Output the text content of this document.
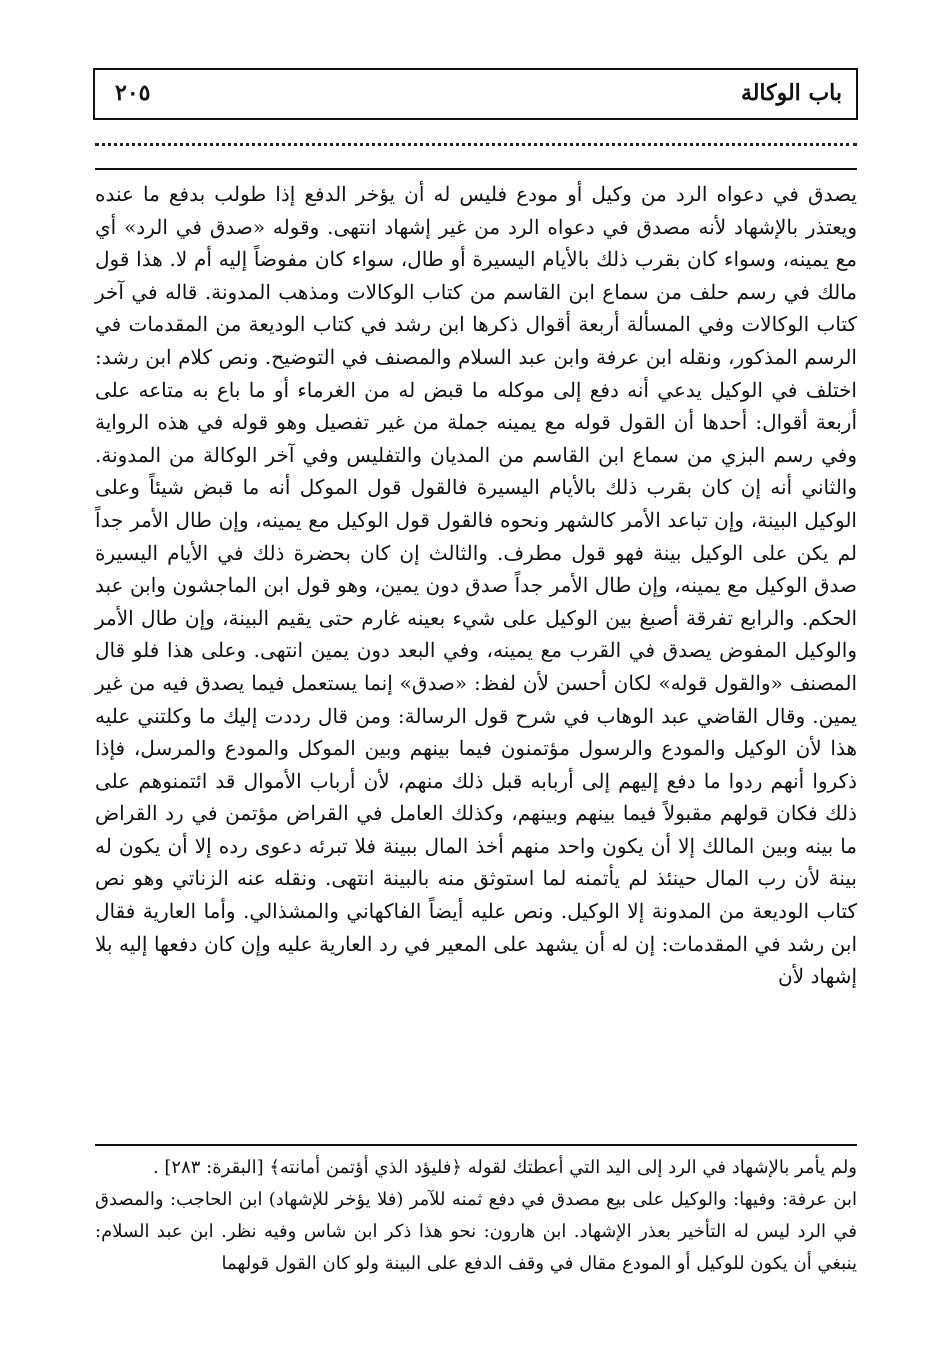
باب الوكالة
٢٠٥

يصدق في دعواه الرد من وكيل أو مودع فليس له أن يؤخر الدفع إذا طولب بدفع ما عنده ويعتذر بالإشهاد لأنه مصدق في دعواه الرد من غير إشهاد انتهى. وقوله «صدق في الرد» أي مع يمينه، وسواء كان بقرب ذلك بالأيام اليسيرة أو طال، سواء كان مفوضاً إليه أم لا. هذا قول مالك في رسم حلف من سماع ابن القاسم من كتاب الوكالات ومذهب المدونة. قاله في آخر كتاب الوكالات وفي المسألة أربعة أقوال ذكرها ابن رشد في كتاب الوديعة من المقدمات في الرسم المذكور، ونقله ابن عرفة وابن عبد السلام والمصنف في التوضيح. ونص كلام ابن رشد: اختلف في الوكيل يدعي أنه دفع إلى موكله ما قبض له من الغرماء أو ما باع به متاعه على أربعة أقوال: أحدها أن القول قوله مع يمينه جملة من غير تفصيل وهو قوله في هذه الرواية وفي رسم البزي من سماع ابن القاسم من المديان والتفليس وفي آخر الوكالة من المدونة. والثاني أنه إن كان بقرب ذلك بالأيام اليسيرة فالقول قول الموكل أنه ما قبض شيئاً وعلى الوكيل البينة، وإن تباعد الأمر كالشهر ونحوه فالقول قول الوكيل مع يمينه، وإن طال الأمر جداً لم يكن على الوكيل بينة فهو قول مطرف. والثالث إن كان بحضرة ذلك في الأيام اليسيرة صدق الوكيل مع يمينه، وإن طال الأمر جداً صدق دون يمين، وهو قول ابن الماجشون وابن عبد الحكم. والرابع تفرقة أصبغ بين الوكيل على شيء بعينه غارم حتى يقيم البينة، وإن طال الأمر والوكيل المفوض يصدق في القرب مع يمينه، وفي البعد دون يمين انتهى. وعلى هذا فلو قال المصنف «والقول قوله» لكان أحسن لأن لفظ: «صدق» إنما يستعمل فيما يصدق فيه من غير يمين. وقال القاضي عبد الوهاب في شرح قول الرسالة: ومن قال رددت إليك ما وكلتني عليه هذا لأن الوكيل والمودع والرسول مؤتمنون فيما بينهم وبين الموكل والمودع والمرسل، فإذا ذكروا أنهم ردوا ما دفع إليهم إلى أربابه قبل ذلك منهم، لأن أرباب الأموال قد ائتمنوهم على ذلك فكان قولهم مقبولاً فيما بينهم وبينهم، وكذلك العامل في القراض مؤتمن في رد القراض ما بينه وبين المالك إلا أن يكون واحد منهم أخذ المال ببينة فلا تبرئه دعوى رده إلا أن يكون له بينة لأن رب المال حينئذ لم يأتمنه لما استوثق منه بالبينة انتهى. ونقله عنه الزناتي وهو نص كتاب الوديعة من المدونة إلا الوكيل. ونص عليه أيضاً الفاكهاني والمشذالي. وأما العارية فقال ابن رشد في المقدمات: إن له أن يشهد على المعير في رد العارية عليه وإن كان دفعها إليه بلا إشهاد لأن

ولم يأمر بالإشهاد في الرد إلى اليد التي أعطتك لقوله ﴿فليؤد الذي أؤتمن أمانته﴾ [البقرة: ٢٨٣] .

ابن عرفة: وفيها: والوكيل على بيع مصدق في دفع ثمنه للآمر (فلا يؤخر للإشهاد) ابن الحاجب: والمصدق في الرد ليس له التأخير بعذر الإشهاد. ابن هارون: نحو هذا ذكر ابن شاس وفيه نظر. ابن عبد السلام: ينبغي أن يكون للوكيل أو المودع مقال في وقف الدفع على البينة ولو كان القول قولهما
